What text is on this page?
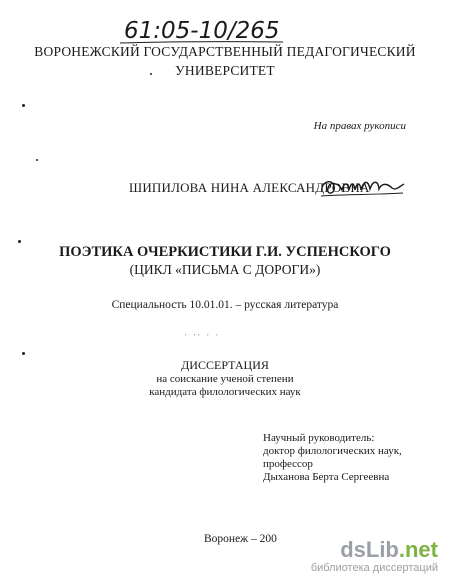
61:05-10/265
ВОРОНЕЖСКИЙ ГОСУДАРСТВЕННЫЙ ПЕДАГОГИЧЕСКИЙ
УНИВЕРСИТЕТ
На правах рукописи
ШИПИЛОВА НИНА АЛЕКСАНДРОВНА
ПОЭТИКА ОЧЕРКИСТИКИ Г.И. УСПЕНСКОГО
(ЦИКЛ «ПИСЬМА С ДОРОГИ»)
Специальность 10.01.01. – русская литература
' '' ' '
ДИССЕРТАЦИЯ
на соискание ученой степени
кандидата филологических наук
Научный руководитель:
доктор филологических наук,
профессор
Дыханова Берта Сергеевна
Воронеж – 200	dsLib.net
библиотека диссертаций
